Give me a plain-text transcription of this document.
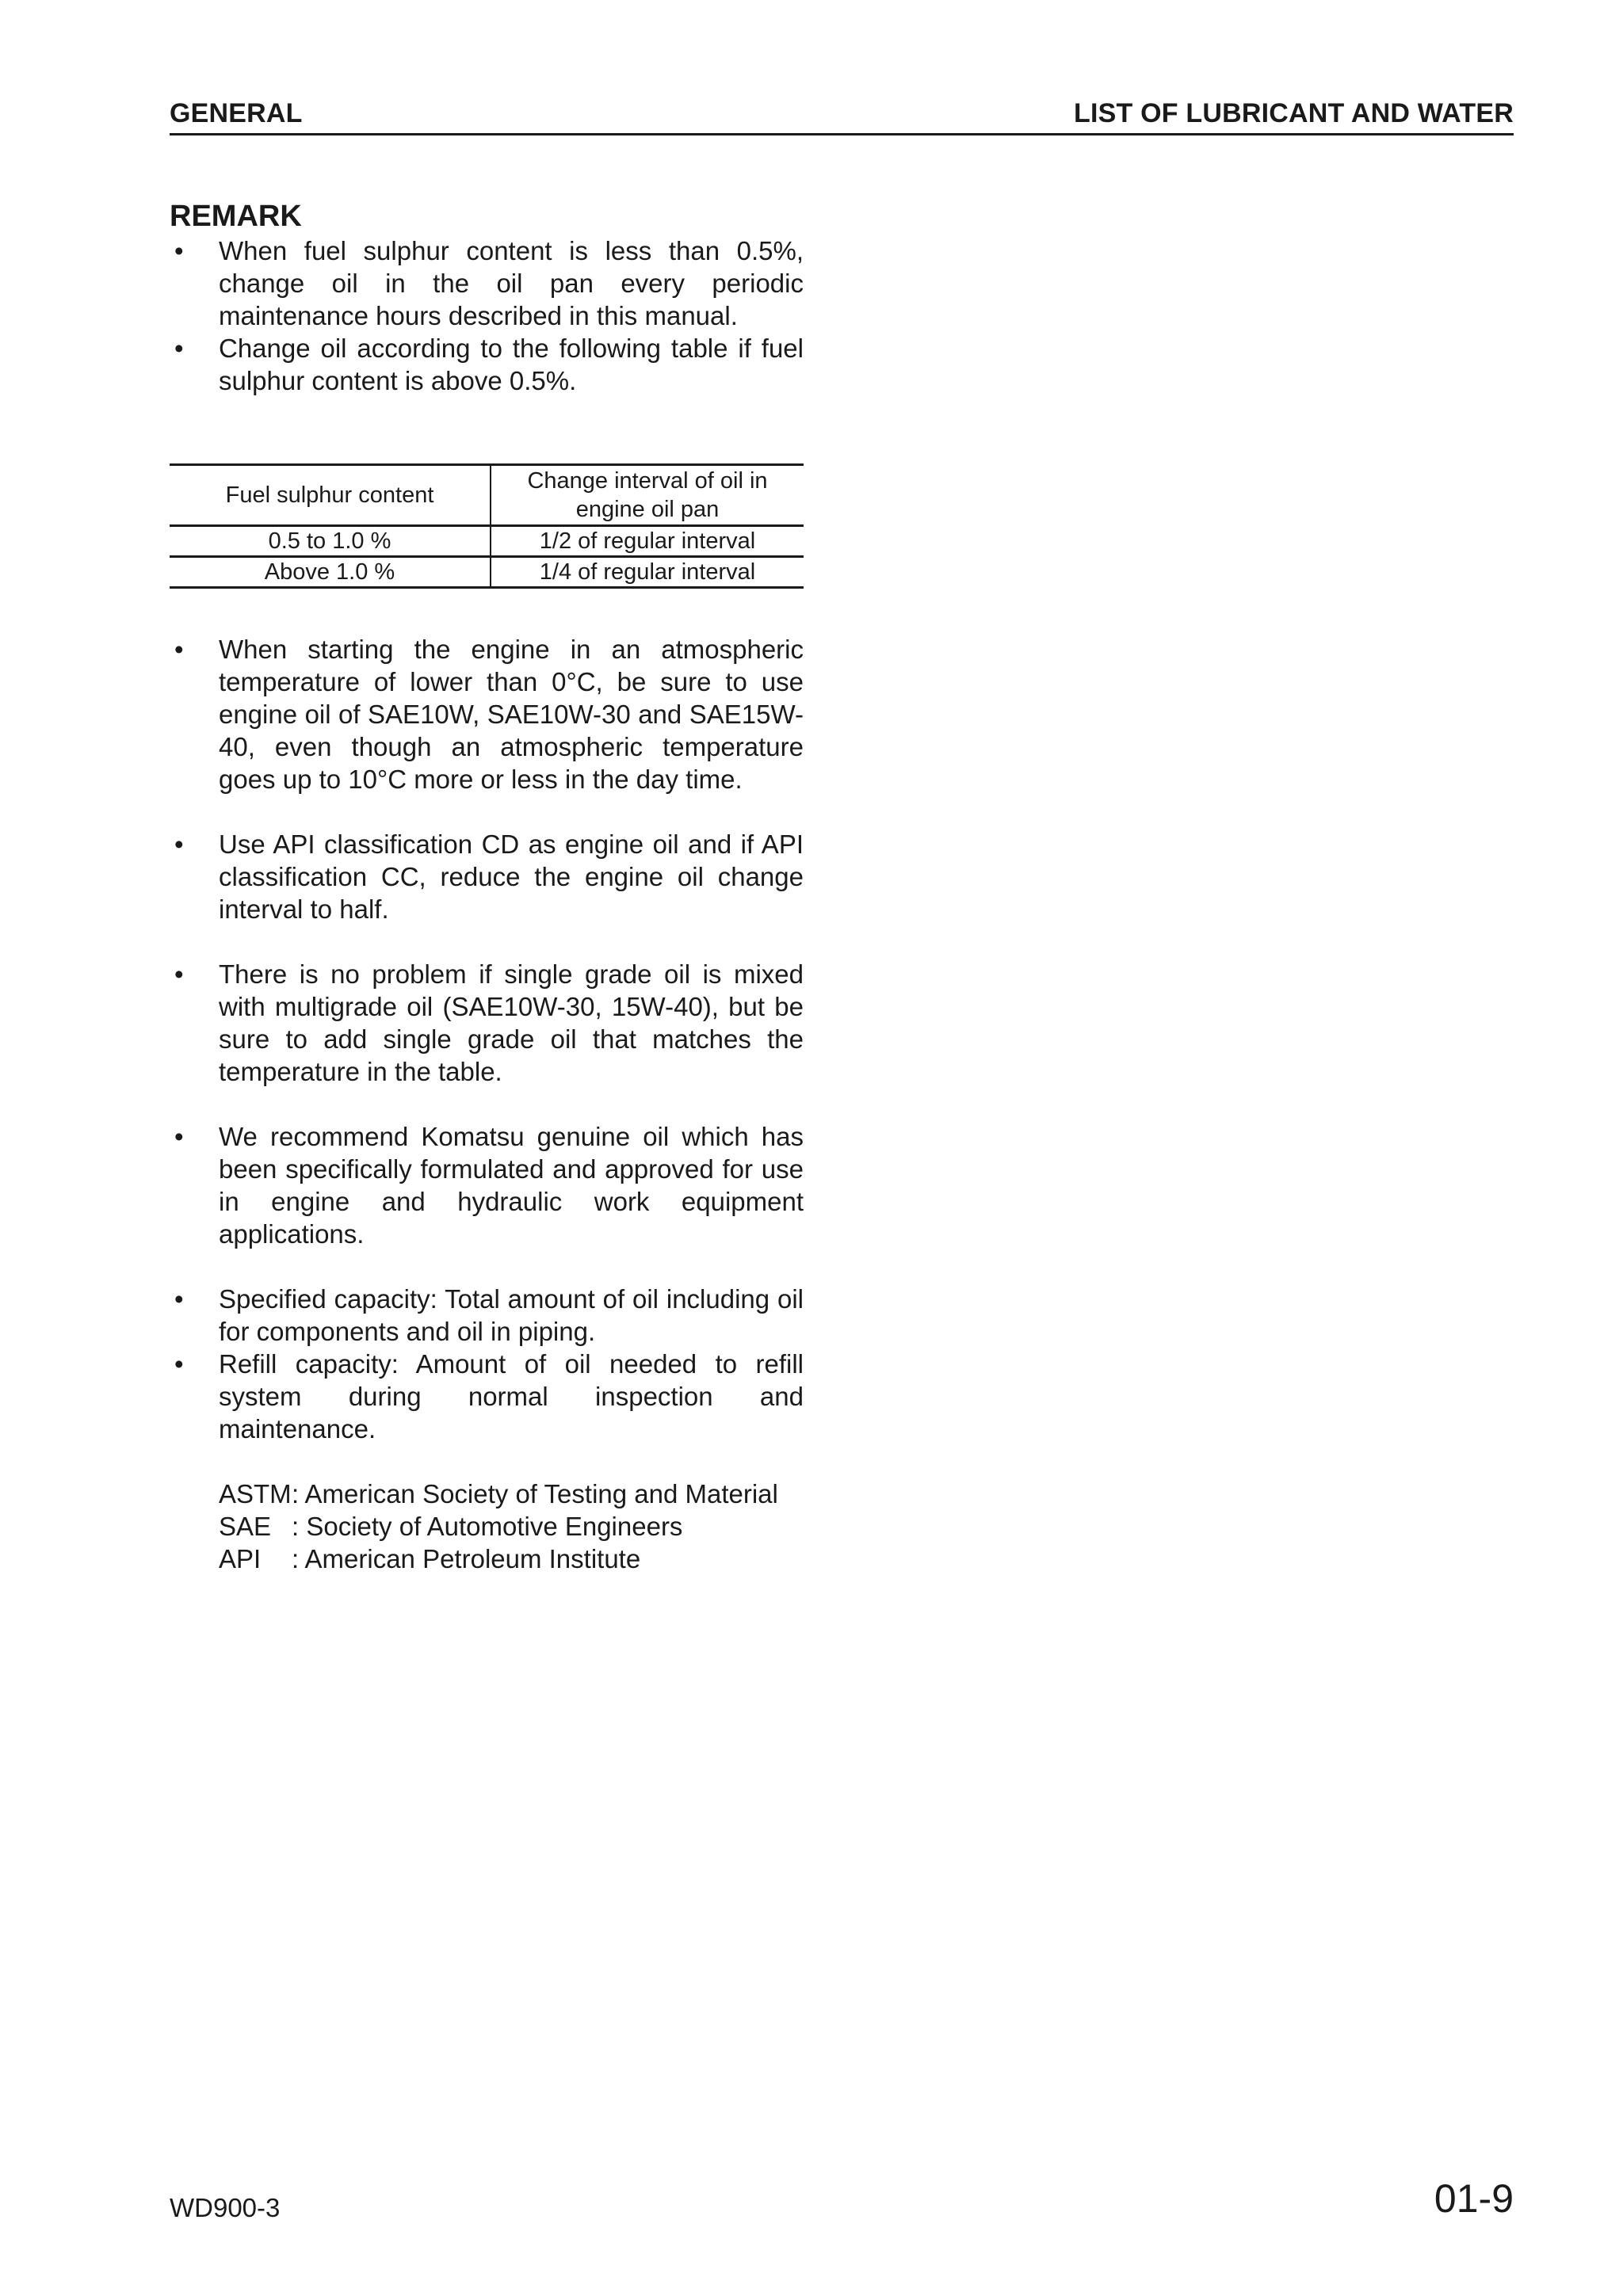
GENERAL	LIST OF LUBRICANT AND WATER
REMARK
• When fuel sulphur content is less than 0.5%, change oil in the oil pan every periodic maintenance hours described in this manual.
• Change oil according to the following table if fuel sulphur content is above 0.5%.
Fuel sulphur content	Change interval of oil in engine oil pan
0.5 to 1.0 %	1/2 of regular interval
Above 1.0 %	1/4 of regular interval
• When starting the engine in an atmospheric temperature of lower than 0°C, be sure to use engine oil of SAE10W, SAE10W-30 and SAE15W-40, even though an atmospheric temperature goes up to 10°C more or less in the day time.
• Use API classification CD as engine oil and if API classification CC, reduce the engine oil change interval to half.
• There is no problem if single grade oil is mixed with multigrade oil (SAE10W-30, 15W-40), but be sure to add single grade oil that matches the temperature in the table.
• We recommend Komatsu genuine oil which has been specifically formulated and approved for use in engine and hydraulic work equipment applications.
• Specified capacity: Total amount of oil including oil for components and oil in piping.
• Refill capacity: Amount of oil needed to refill system during normal inspection and maintenance.
ASTM : American Society of Testing and Material
SAE : Society of Automotive Engineers
API	: American Petroleum Institute
WD900-3	01-9
